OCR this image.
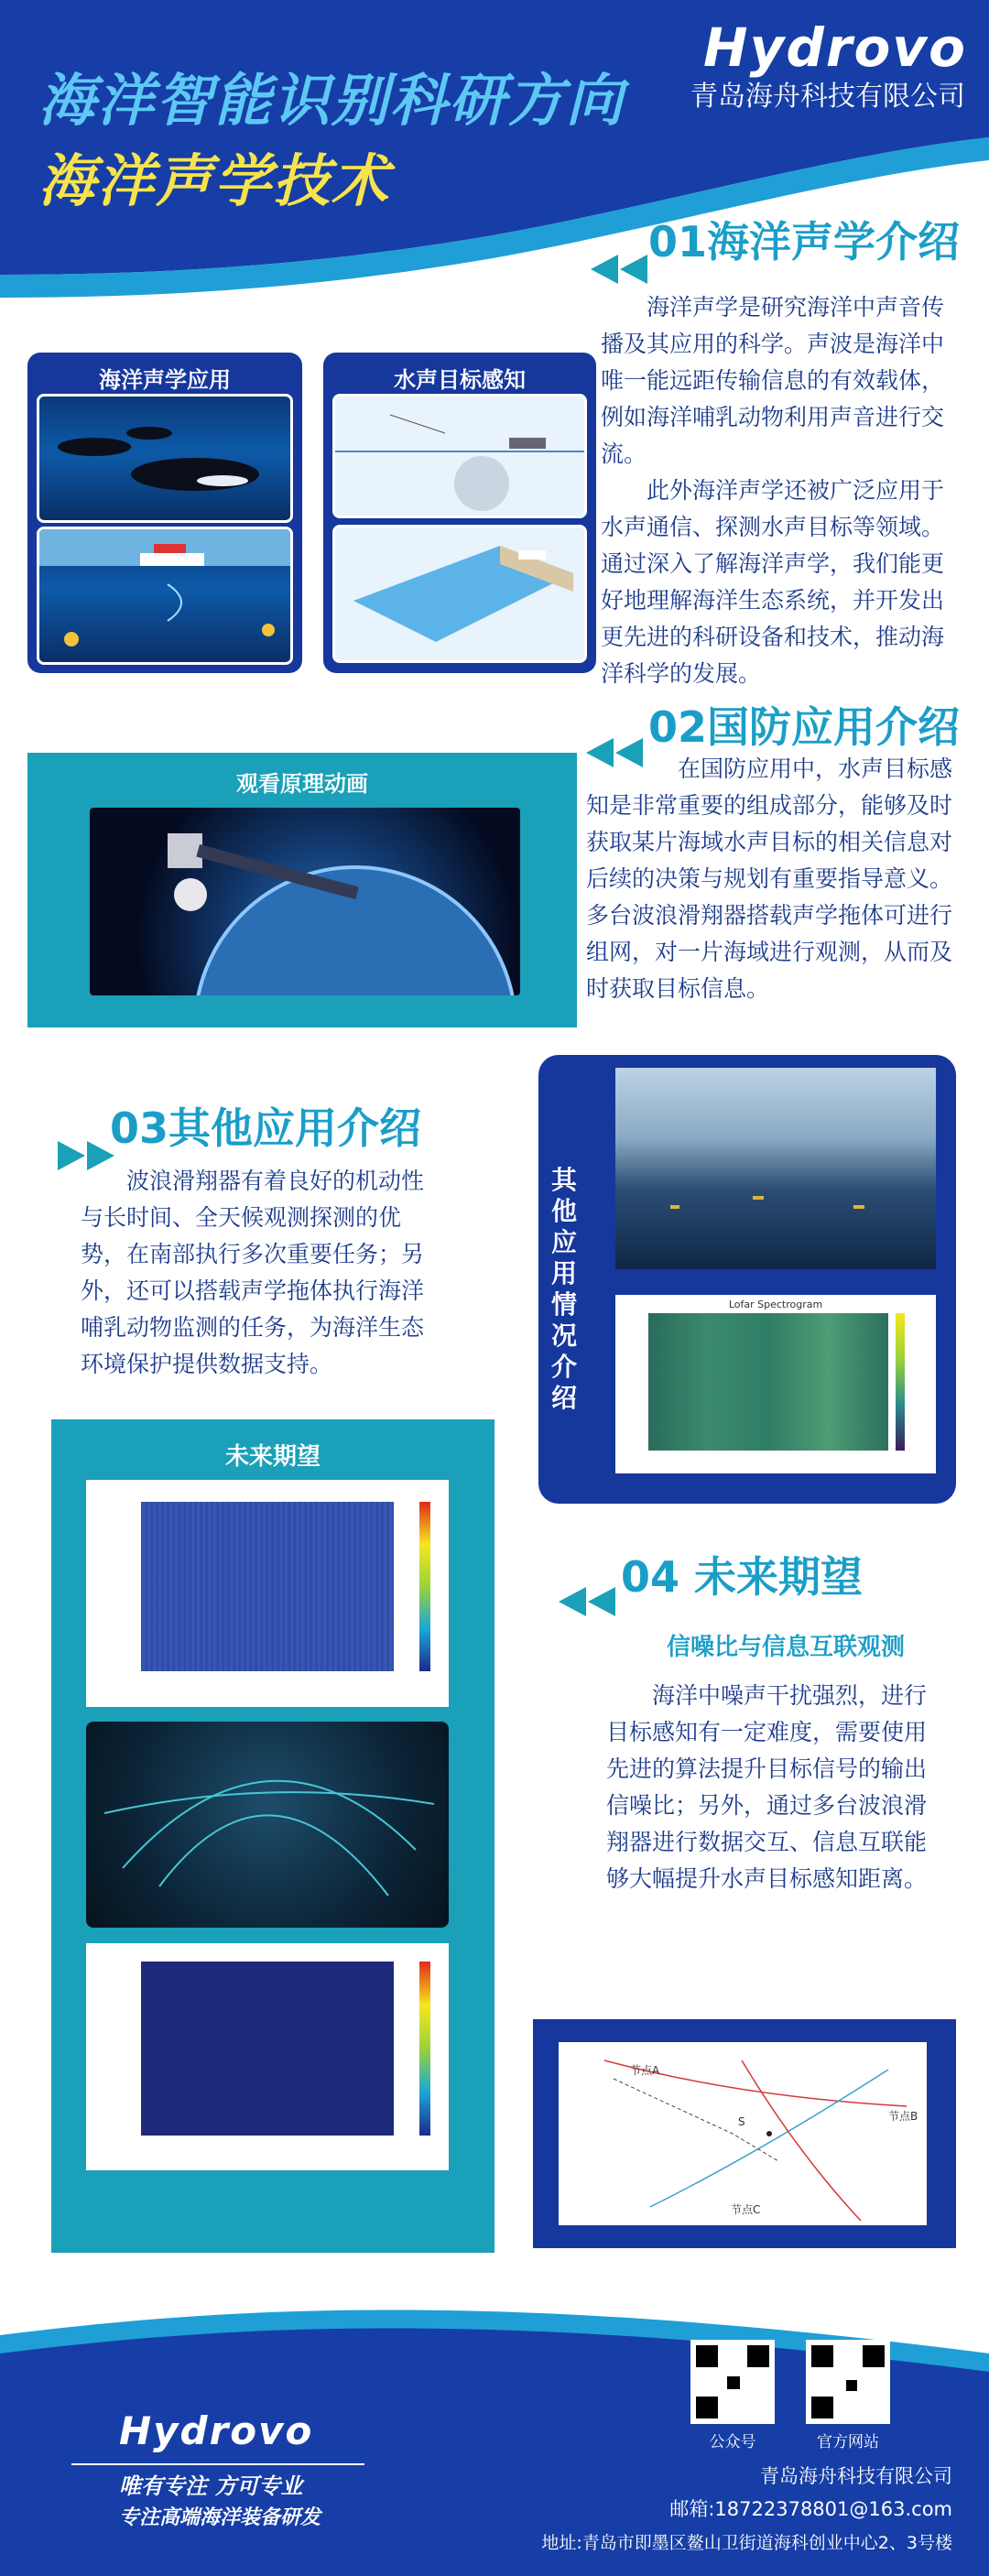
海洋智能识别科研方向
海洋声学技术
Hydrovo
青岛海舟科技有限公司
01海洋声学介绍

海洋声学是研究海洋中声音传播及其应用的科学。声波是海洋中唯一能远距传输信息的有效载体，例如海洋哺乳动物利用声音进行交流。

此外海洋声学还被广泛应用于水声通信、探测水声目标等领域。通过深入了解海洋声学，我们能更好地理解海洋生态系统，并开发出更先进的科研设备和技术，推动海洋科学的发展。

海洋声学应用	水声目标感知
02国防应用介绍

在国防应用中，水声目标感知是非常重要的组成部分，能够及时获取某片海域水声目标的相关信息对后续的决策与规划有重要指导意义。多台波浪滑翔器搭载声学拖体可进行组网，对一片海域进行观测，从而及时获取目标信息。

观看原理动画
03其他应用介绍

波浪滑翔器有着良好的机动性与长时间、全天候观测探测的优势，在南部执行多次重要任务；另外，还可以搭载声学拖体执行海洋哺乳动物监测的任务，为海洋生态环境保护提供数据支持。

其他应用情况介绍
Lofar Spectrogram
未来期望
04 未来期望
信噪比与信息互联观测

海洋中噪声干扰强烈，进行目标感知有一定难度，需要使用先进的算法提升目标信号的输出信噪比；另外，通过多台波浪滑翔器进行数据交互、信息互联能够大幅提升水声目标感知距离。

节点A
节点B
节点C
S
Hydrovo
唯有专注 方可专业
专注高端海洋装备研发
公众号	官方网站
青岛海舟科技有限公司
邮箱:18722378801@163.com
地址:青岛市即墨区鳌山卫街道海科创业中心2、3号楼
